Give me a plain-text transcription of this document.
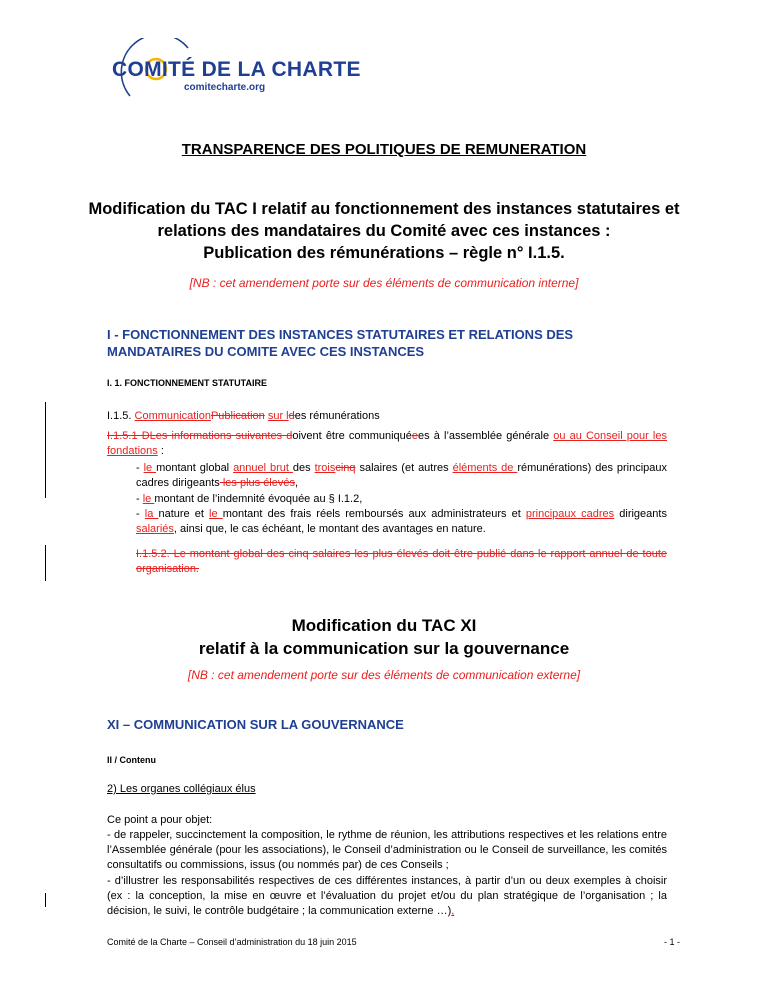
COMITÉ DE LA CHARTE
comitecharte.org
TRANSPARENCE DES POLITIQUES DE REMUNERATION
Modification du TAC I relatif au fonctionnement des instances statutaires et
relations des mandataires du Comité avec ces instances :
Publication des rémunérations – règle n° I.1.5.
[NB : cet amendement porte sur des éléments de communication interne]
I - FONCTIONNEMENT DES INSTANCES STATUTAIRES ET RELATIONS DES MANDATAIRES DU COMITE AVEC CES INSTANCES
I. 1. FONCTIONNEMENT STATUTAIRE
I.1.5. CommunicationPublication sur ldes rémunérations
I.1.5.1 DLes informations suivantes doivent être communiquéees à l’assemblée générale ou au Conseil pour les fondations :
- le montant global annuel brut des troiscinq salaires (et autres éléments de rémunérations) des principaux cadres dirigeants les plus élevés,
- le montant de l’indemnité évoquée au § I.1.2,
- la nature et le montant des frais réels remboursés aux administrateurs et principaux cadres dirigeants salariés, ainsi que, le cas échéant, le montant des avantages en nature.
I.1.5.2. Le montant global des cinq salaires les plus élevés doit être publié dans le rapport annuel de toute organisation.
Modification du TAC XI
relatif à la communication sur la gouvernance
[NB : cet amendement porte sur des éléments de communication externe]
XI – COMMUNICATION SUR LA GOUVERNANCE
II / Contenu
2) Les organes collégiaux élus
Ce point a pour objet:
- de rappeler, succinctement la composition, le rythme de réunion, les attributions respectives et les relations entre l’Assemblée générale (pour les associations), le Conseil d’administration ou le Conseil de surveillance, les comités consultatifs ou commissions, issus (ou nommés par) de ces Conseils ;
- d’illustrer les responsabilités respectives de ces différentes instances, à partir d’un ou deux exemples à choisir (ex : la conception, la mise en œuvre et l’évaluation du projet et/ou du plan stratégique de l’organisation ; la décision, le suivi, le contrôle budgétaire ; la communication externe …),
Comité de la Charte – Conseil d’administration du 18 juin 2015	- 1 -
